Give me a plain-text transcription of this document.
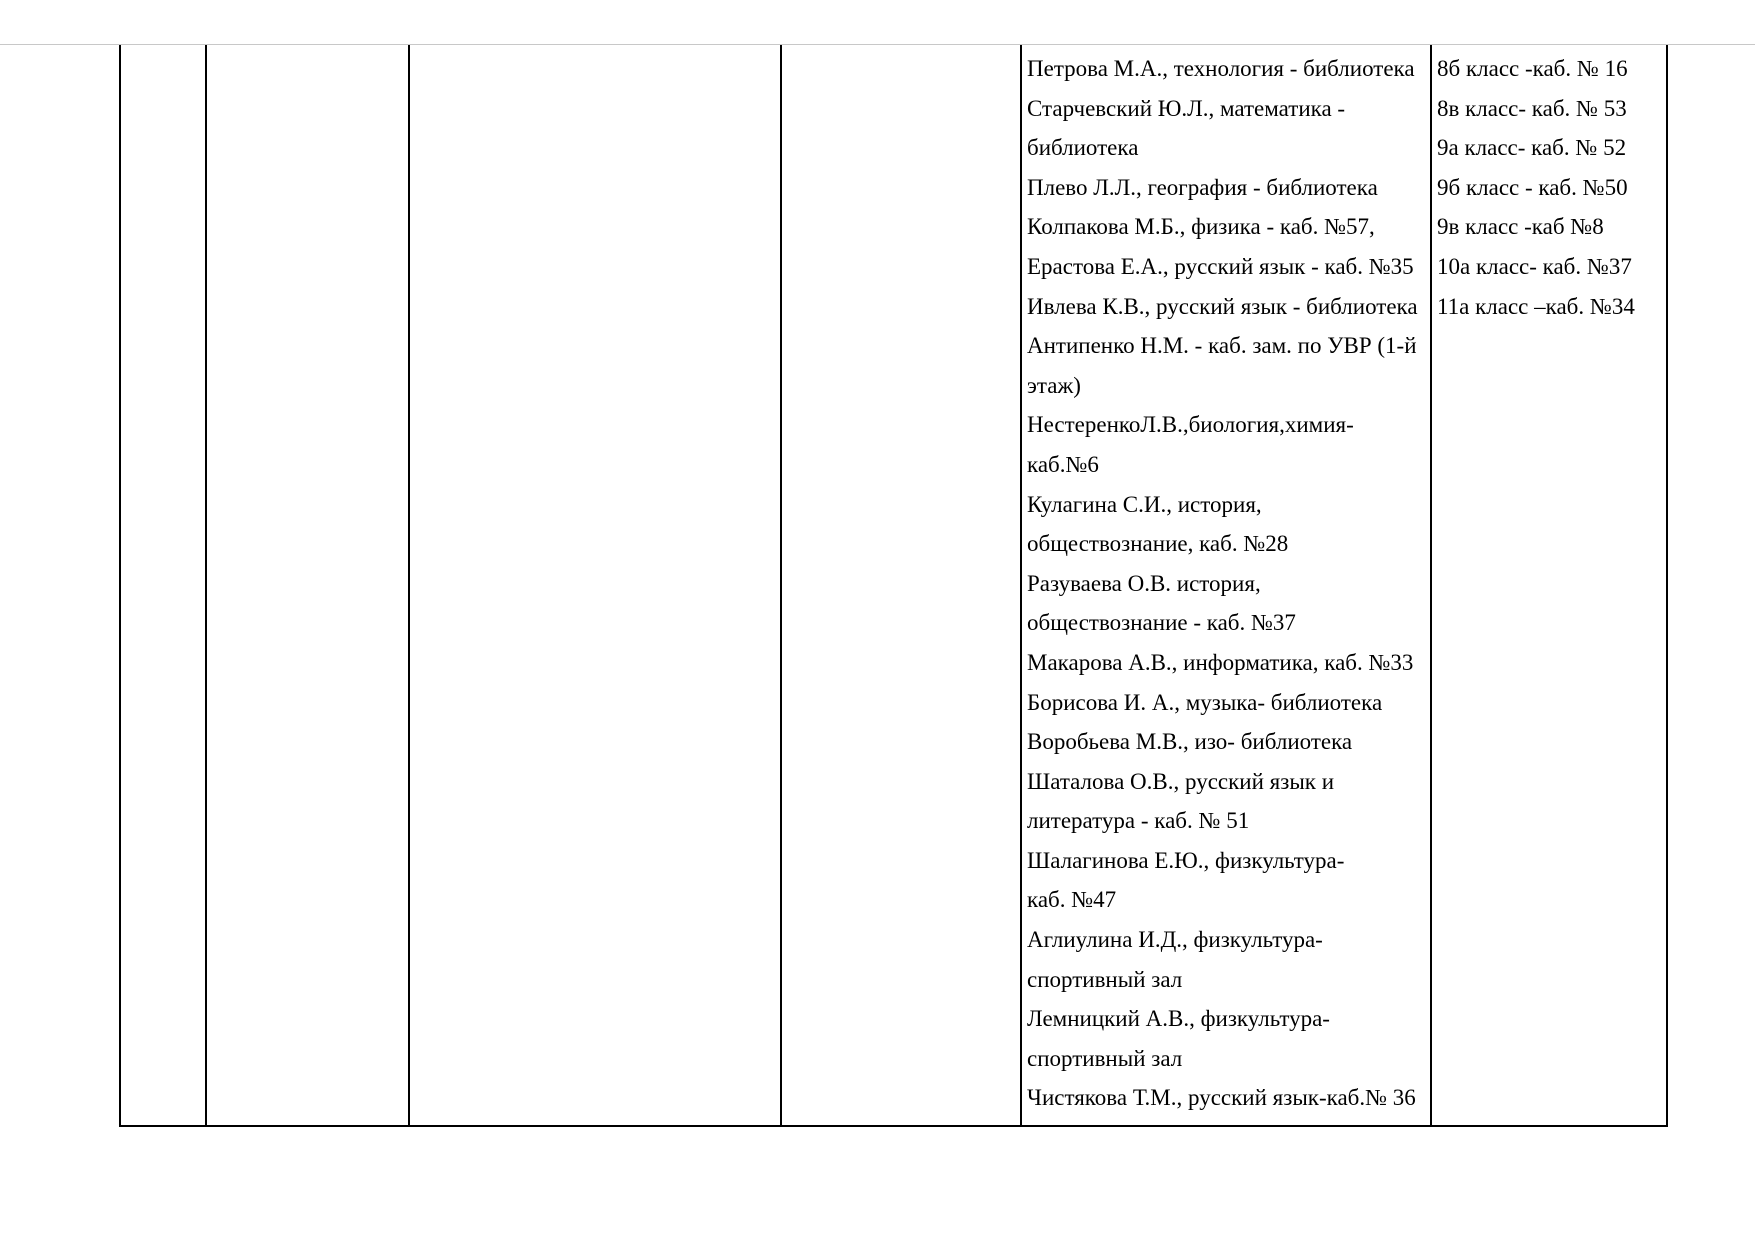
Петрова М.А., технология - библиотека
Старчевский Ю.Л., математика -
библиотека
Плево Л.Л., география - библиотека
Колпакова М.Б., физика - каб. №57,
Ерастова Е.А., русский язык - каб. №35
Ивлева К.В., русский язык - библиотека
Антипенко Н.М. - каб. зам. по УВР (1-й
этаж)
НестеренкоЛ.В.,биология,химия-
каб.№6
Кулагина С.И., история,
обществознание, каб. №28
Разуваева О.В. история,
обществознание - каб. №37
Макарова А.В., информатика, каб. №33
Борисова И. А., музыка- библиотека
Воробьева М.В., изо- библиотека
Шаталова О.В., русский язык и
литература - каб. № 51
Шалагинова Е.Ю., физкультура-
каб. №47
Аглиулина И.Д., физкультура-
спортивный зал
Лемницкий А.В., физкультура-
спортивный зал
Чистякова Т.М., русский язык-каб.№ 36

8б класс -каб. № 16
8в класс- каб. № 53
9а класс- каб. № 52
9б класс - каб. №50
9в класс -каб №8
10а класс- каб. №37
11а класс –каб. №34
